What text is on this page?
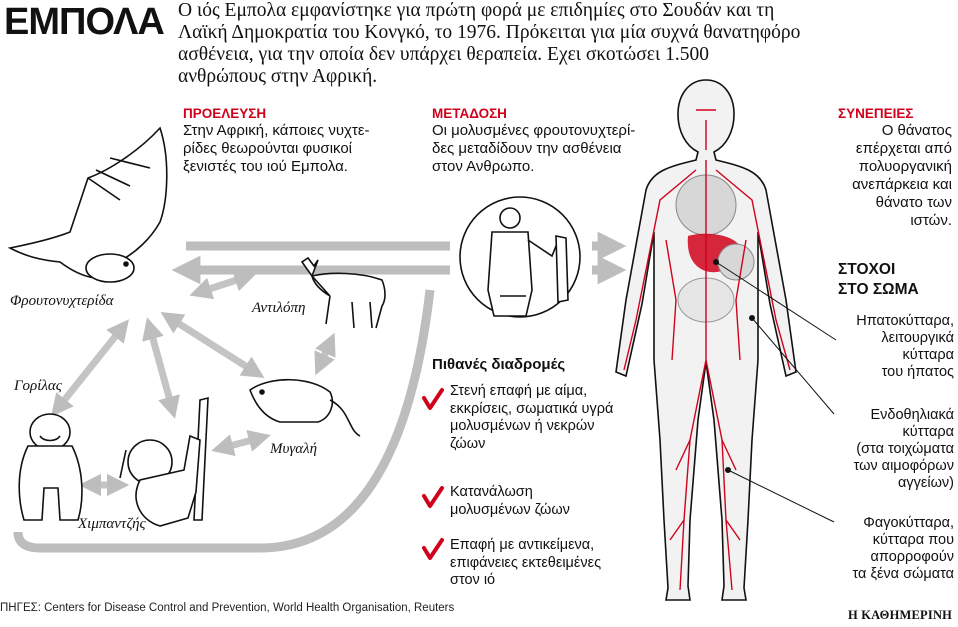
ΕΜΠΟΛΑ Ο ιός Εμπολα εμφανίστηκε για πρώτη φορά με επιδημίες στο Σουδάν και τη
Λαϊκή Δημοκρατία του Κονγκό, το 1976. Πρόκειται για μία συχνά θανατηφόρο
ασθένεια, για την οποία δεν υπάρχει θεραπεία. Εχει σκοτώσει 1.500
ανθρώπους στην Αφρική.
ΠΡΟΕΛΕΥΣΗ
Στην Αφρική, κάποιες νυχτε-
ρίδες θεωρούνται φυσικοί
ξενιστές του ιού Εμπολα.
ΜΕΤΑΔΟΣΗ
Οι μολυσμένες φρουτονυχτερί-
δες μεταδίδουν την ασθένεια
στον Ανθρωπο.
ΣΥΝΕΠΕΙΕΣ
Ο θάνατος
επέρχεται από
πολυοργανική
ανεπάρκεια και
θάνατο των
ιστών.
ΣΤΟΧΟΙ
ΣΤΟ ΣΩΜΑ
Ηπατοκύτταρα,
λειτουργικά
κύτταρα
του ήπατος
Ενδοθηλιακά
κύτταρα
(στα τοιχώματα
των αιμοφόρων
αγγείων)
Φαγοκύτταρα,
κύτταρα που
απορροφούν
τα ξένα σώματα
Πιθανές διαδρομές
Στενή επαφή με αίμα,
εκκρίσεις, σωματικά υγρά
μολυσμένων ή νεκρών
ζώων
Κατανάλωση
μολυσμένων ζώων
Επαφή με αντικείμενα,
επιφάνειες εκτεθειμένες
στον ιό
Φρουτονυχτερίδα	Αντιλόπη
Γορίλας
Χιμπαντζής
Μυγαλή
ΠΗΓΕΣ: Centers for Disease Control and Prevention, World Health Organisation, Reuters	Η ΚΑΘΗΜΕΡΙΝΗ
